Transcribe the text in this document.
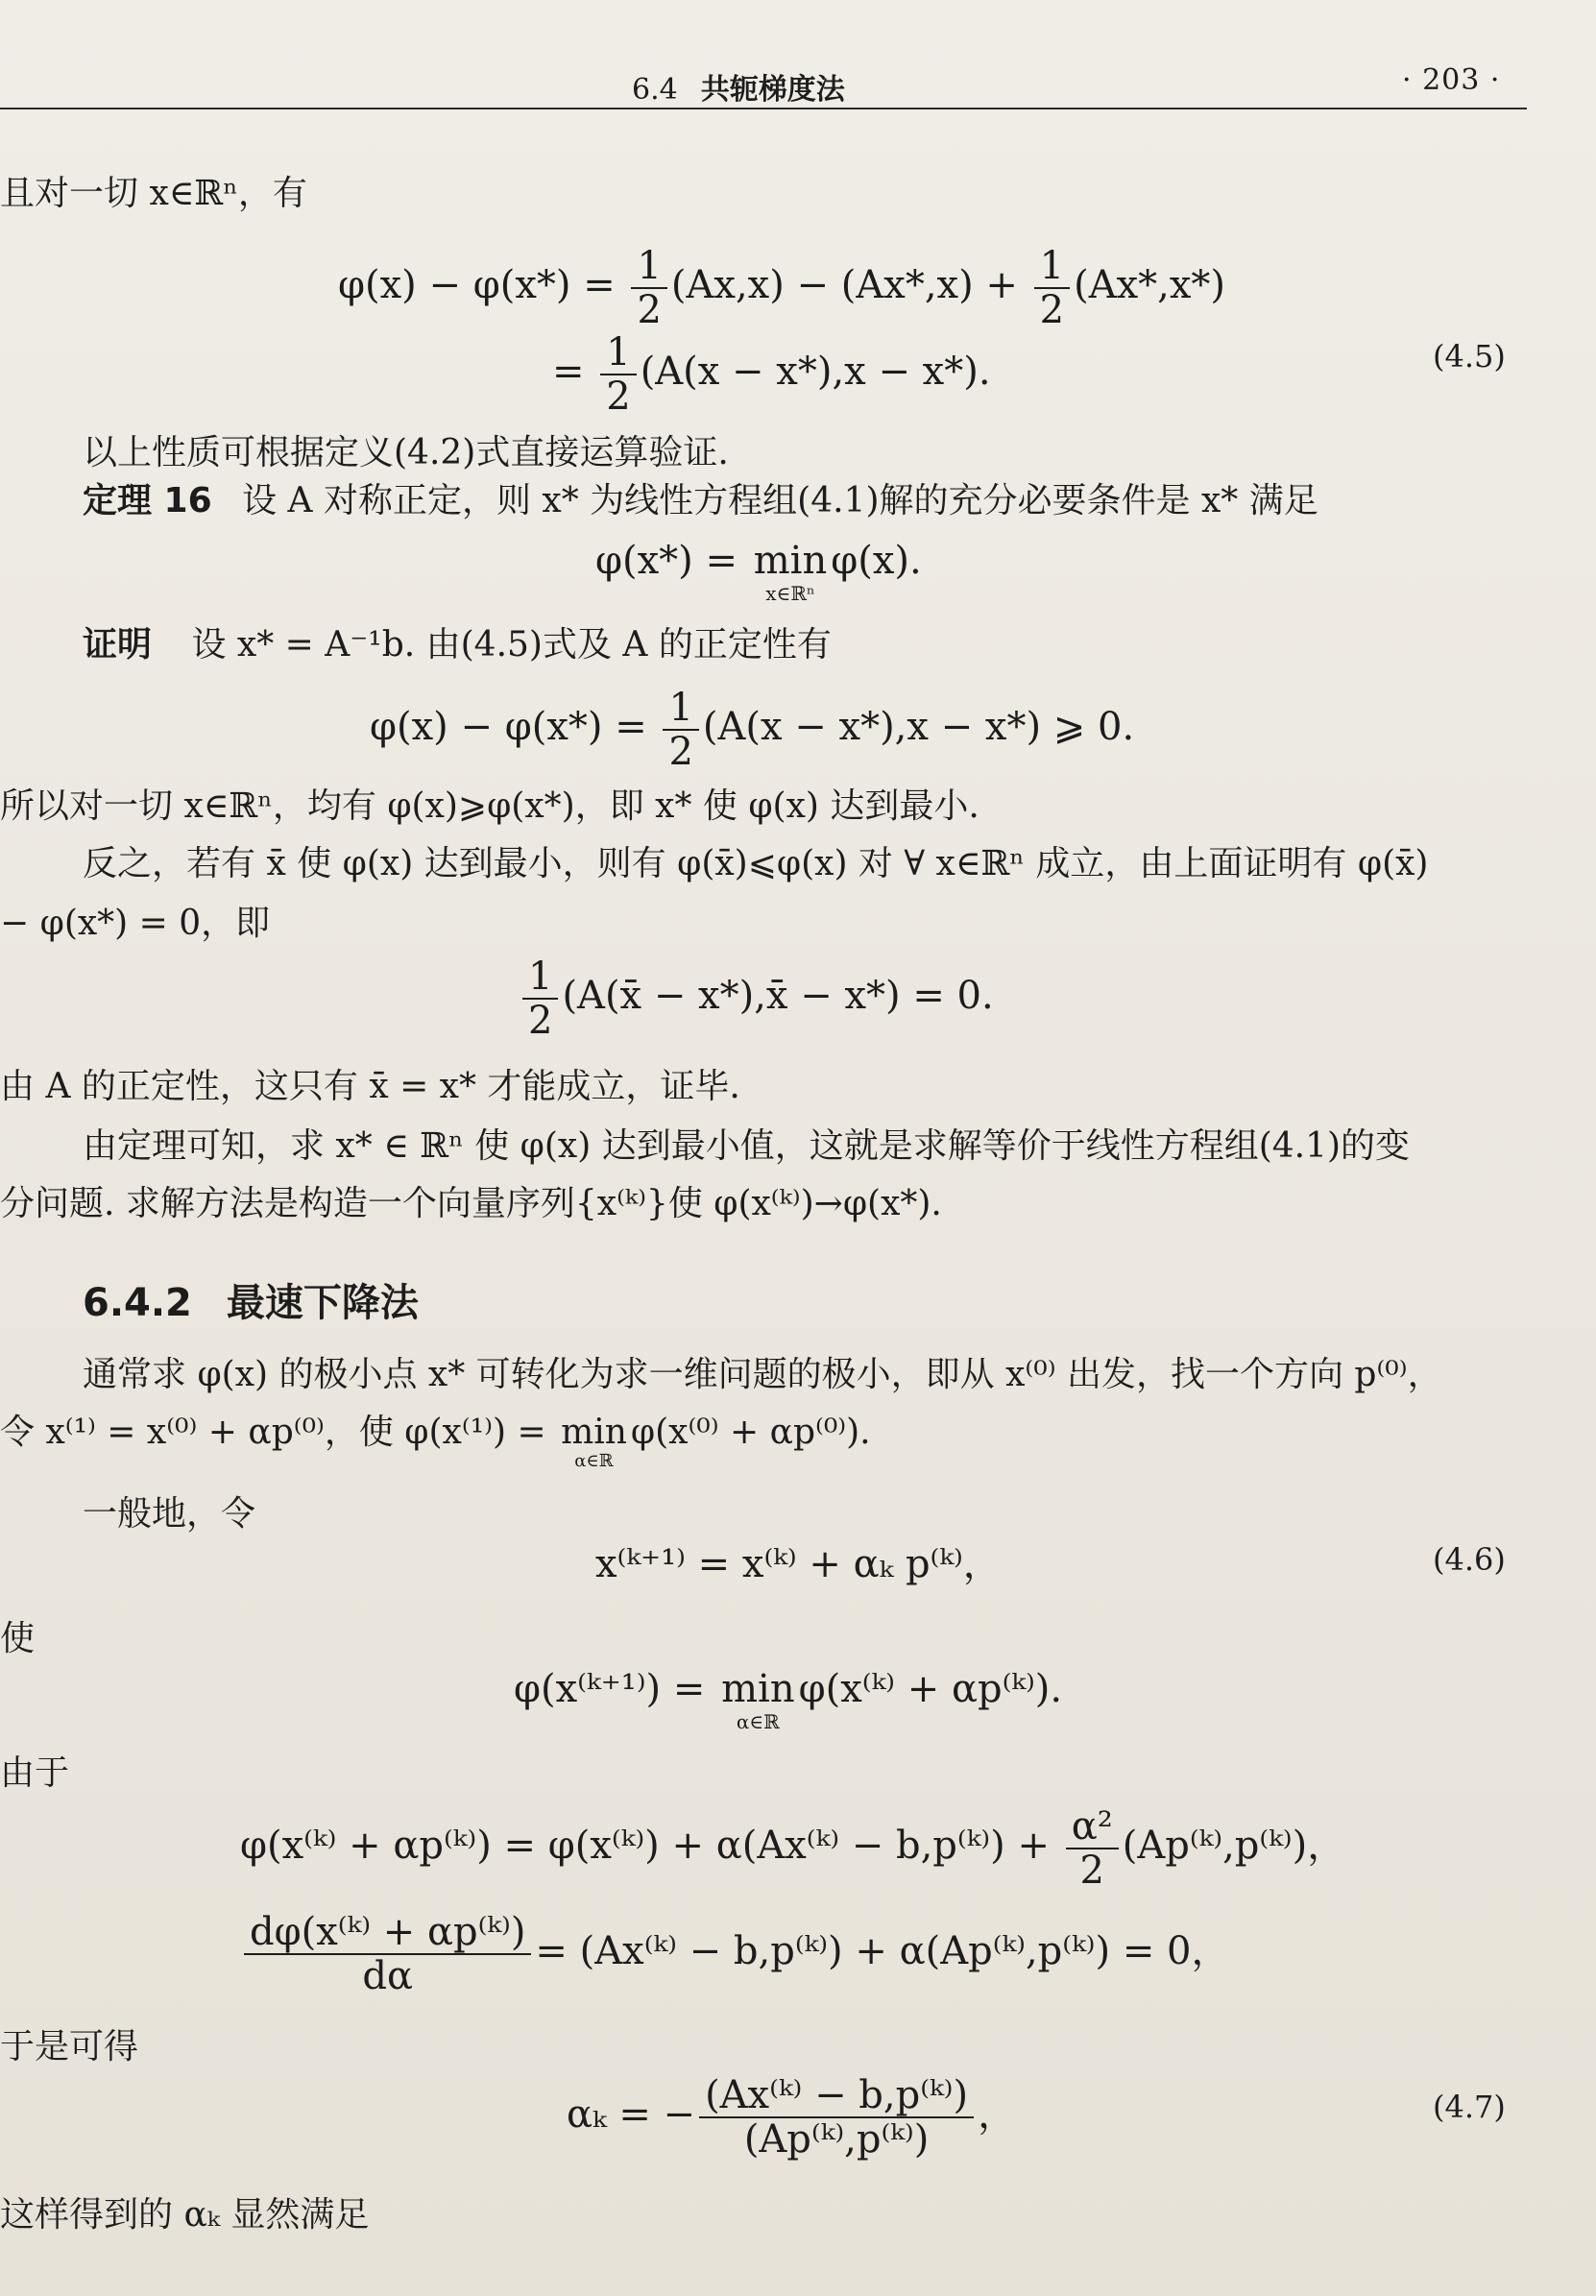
6.4 共轭梯度法	· 203 ·
且对一切 x∈ℝⁿ，有
$\varphi(x) - \varphi(x*) = \frac{1}{2} (Ax,x) - (Ax*,x) + \frac{1}{2} (Ax*,x*)$
= $\frac{1}{2} (A(x - x*),x - x*)$.	(4.5)
以上性质可根据定义(4.2)式直接运算验证.
定理 16 设 A 对称正定，则 x* 为线性方程组(4.1)解的充分必要条件是 x* 满足
φ(x*) = min
x∈ℝⁿ
φ(x).
证明 设 x* = A⁻¹b. 由(4.5)式及 A 的正定性有
$\varphi(x) - \varphi(x*) = \frac{1}{2} (A(x - x*),x - x*)$ ⩾ 0.
所以对一切 x∈ℝⁿ，均有 φ(x)⩾φ(x*)，即 x* 使 φ(x) 达到最小.
反之，若有 x̄ 使 φ(x) 达到最小，则有 φ(x̄)⩽φ(x) 对 ∀ x∈ℝⁿ 成立，由上面证明有 φ(x̄)
− φ(x*) = 0，即
$\frac{1}{2}$ (A(x̄ − x*),x̄ − x*) = 0.
由 A 的正定性，这只有 x̄ = x* 才能成立，证毕.
由定理可知，求 x* ∈ ℝⁿ 使 φ(x) 达到最小值，这就是求解等价于线性方程组(4.1)的变
分问题. 求解方法是构造一个向量序列{x⁽ᵏ⁾}使 φ(x⁽ᵏ⁾)→φ(x*).
6.4.2 最速下降法
通常求 φ(x) 的极小点 x* 可转化为求一维问题的极小，即从 x⁽⁰⁾ 出发，找一个方向 p⁽⁰⁾，
令 x⁽¹⁾ = x⁽⁰⁾ + αp⁽⁰⁾，使 φ(x⁽¹⁾) = min
α∈ℝ
φ(x⁽⁰⁾ + αp⁽⁰⁾).
一般地，令
x⁽ᵏ⁺¹⁾ = x⁽ᵏ⁾ + αₖ p⁽ᵏ⁾，	(4.6)
使
φ(x⁽ᵏ⁺¹⁾) = min
α∈ℝ
φ(x⁽ᵏ⁾ + αp⁽ᵏ⁾).
由于
φ(x⁽ᵏ⁾ + αp⁽ᵏ⁾) = φ(x⁽ᵏ⁾) + α(Ax⁽ᵏ⁾ − b,p⁽ᵏ⁾) + $\frac{\text{α²}}{2}$ (Ap⁽ᵏ⁾,p⁽ᵏ⁾)，
$\frac{\text{dφ(x⁽ᵏ⁾ + αp⁽ᵏ⁾)}}{d\alpha}$ = (Ax⁽ᵏ⁾ − b,p⁽ᵏ⁾) + α(Ap⁽ᵏ⁾,p⁽ᵏ⁾) = 0，
于是可得
αₖ = − $\frac{\text{(Ax⁽ᵏ⁾ − b,p⁽ᵏ⁾)}}{\text{(Ap⁽ᵏ⁾,p⁽ᵏ⁾)}}$ ，	(4.7)
这样得到的 αₖ 显然满足
